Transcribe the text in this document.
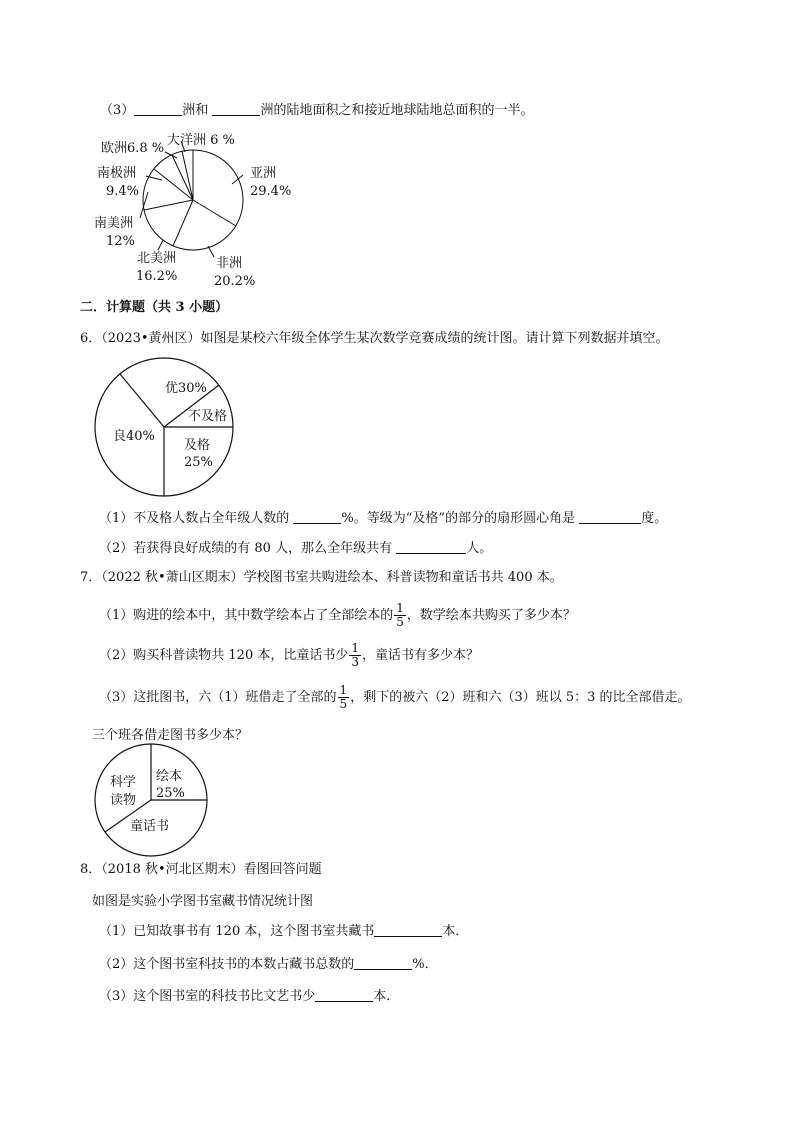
（3）	洲和	洲的陆地面积之和接近地球陆地总面积的一半。
大洋洲 6 %
欧洲6.8 %
南极洲
9.4%
亚洲
29.4%
南美洲
12%
北美洲
16.2%
非洲
20.2%
二．计算题（共 3 小题）
6．（2023•黄州区）如图是某校六年级全体学生某次数学竞赛成绩的统计图。请计算下列数据并填空。
优30%
不及格
良40%
及格
25%
（1）不及格人数占全年级人数的	%。等级为“及格”的部分的扇形圆心角是	度。
（2）若获得良好成绩的有 80 人，那么全年级共有	人。
7．（2022 秋•萧山区期末）学校图书室共购进绘本、科普读物和童话书共 400 本。
（1）购进的绘本中，其中数学绘本占了全部绘本的 $\frac{1}{5}$ ，数学绘本共购买了多少本？
（2）购买科普读物共 120 本，比童话书少 $\frac{1}{3}$ ，童话书有多少本？
（3）这批图书，六（1）班借走了全部的 $\frac{1}{5}$ ，剩下的被六（2）班和六（3）班以 5：3 的比全部借走。
三个班各借走图书多少本？
科学
读物
绘本
25%
童话书
8．（2018 秋•河北区期末）看图回答问题
如图是实验小学图书室藏书情况统计图
（1）已知故事书有 120 本，这个图书室共藏书	本．
（2）这个图书室科技书的本数占藏书总数的	%．
（3）这个图书室的科技书比文艺书少	本．
